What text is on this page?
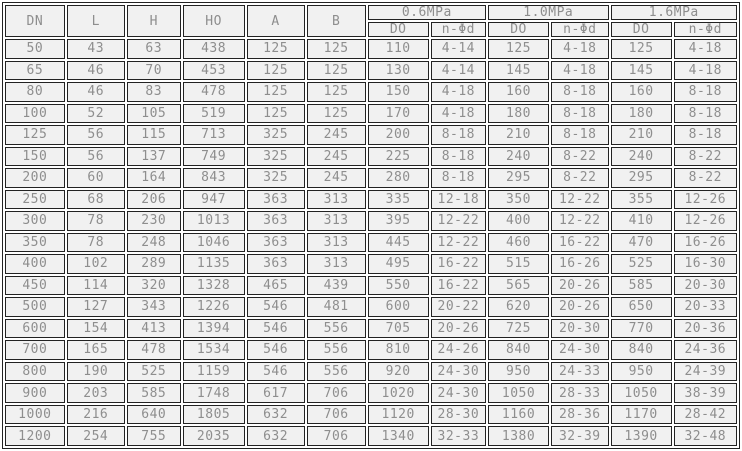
DN	L	H	HO	A	B	0.6MPa		1.0MPa		1.6MPa	
						DO	n-Φd	DO	n-Φd	DO	n-Φd
50	43	63	438	125	125	110	4-14	125	4-18	125	4-18
65	46	70	453	125	125	130	4-14	145	4-18	145	4-18
80	46	83	478	125	125	150	4-18	160	8-18	160	8-18
100	52	105	519	125	125	170	4-18	180	8-18	180	8-18
125	56	115	713	325	245	200	8-18	210	8-18	210	8-18
150	56	137	749	325	245	225	8-18	240	8-22	240	8-22
200	60	164	843	325	245	280	8-18	295	8-22	295	8-22
250	68	206	947	363	313	335	12-18	350	12-22	355	12-26
300	78	230	1013	363	313	395	12-22	400	12-22	410	12-26
350	78	248	1046	363	313	445	12-22	460	16-22	470	16-26
400	102	289	1135	363	313	495	16-22	515	16-26	525	16-30
450	114	320	1328	465	439	550	16-22	565	20-26	585	20-30
500	127	343	1226	546	481	600	20-22	620	20-26	650	20-33
600	154	413	1394	546	556	705	20-26	725	20-30	770	20-36
700	165	478	1534	546	556	810	24-26	840	24-30	840	24-36
800	190	525	1159	546	556	920	24-30	950	24-33	950	24-39
900	203	585	1748	617	706	1020	24-30	1050	28-33	1050	38-39
1000	216	640	1805	632	706	1120	28-30	1160	28-36	1170	28-42
1200	254	755	2035	632	706	1340	32-33	1380	32-39	1390	32-48
